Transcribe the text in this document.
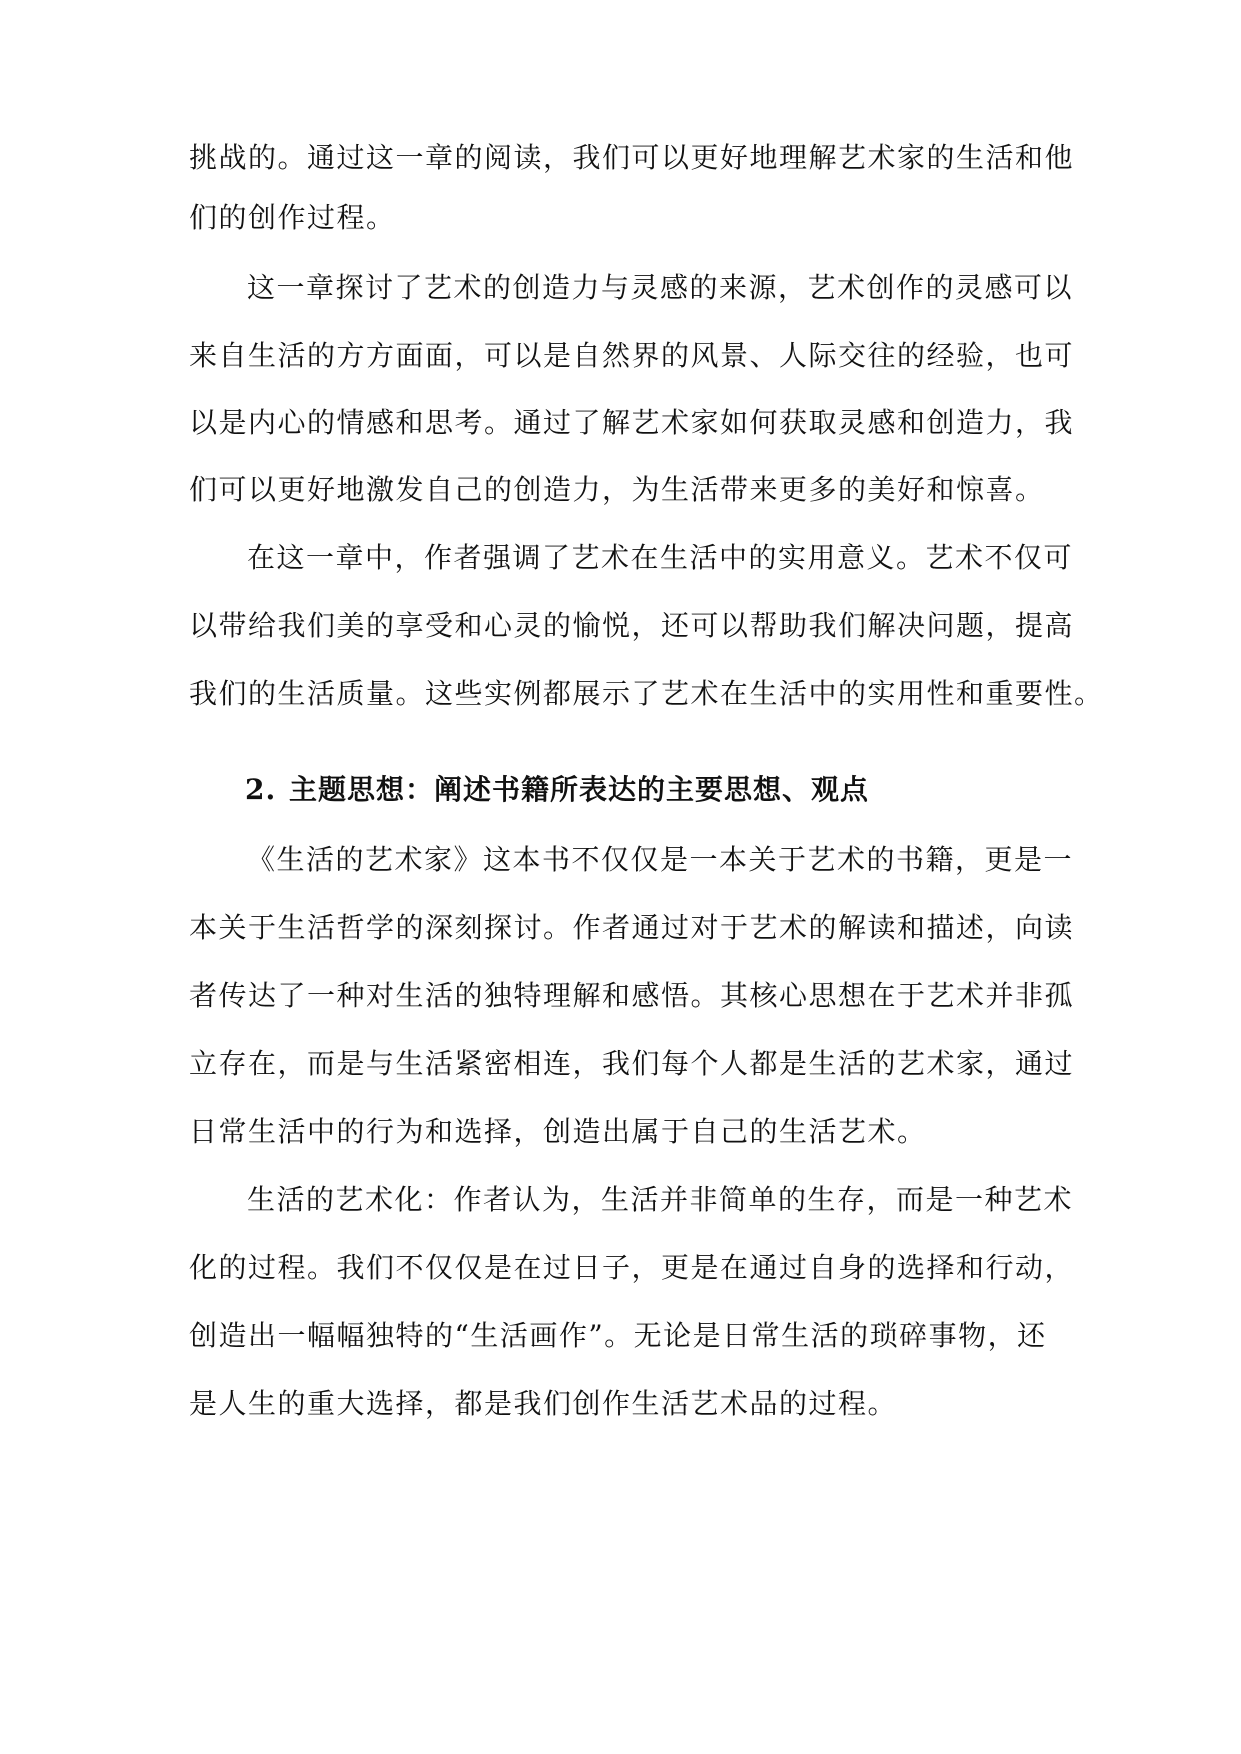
挑战的。通过这一章的阅读，我们可以更好地理解艺术家的生活和他
们的创作过程。
这一章探讨了艺术的创造力与灵感的来源，艺术创作的灵感可以
来自生活的方方面面，可以是自然界的风景、人际交往的经验，也可
以是内心的情感和思考。通过了解艺术家如何获取灵感和创造力，我
们可以更好地激发自己的创造力，为生活带来更多的美好和惊喜。
在这一章中，作者强调了艺术在生活中的实用意义。艺术不仅可
以带给我们美的享受和心灵的愉悦，还可以帮助我们解决问题，提高
我们的生活质量。这些实例都展示了艺术在生活中的实用性和重要性。
2. 主题思想：阐述书籍所表达的主要思想、观点
《生活的艺术家》这本书不仅仅是一本关于艺术的书籍，更是一
本关于生活哲学的深刻探讨。作者通过对于艺术的解读和描述，向读
者传达了一种对生活的独特理解和感悟。其核心思想在于艺术并非孤
立存在，而是与生活紧密相连，我们每个人都是生活的艺术家，通过
日常生活中的行为和选择，创造出属于自己的生活艺术。
生活的艺术化：作者认为，生活并非简单的生存，而是一种艺术
化的过程。我们不仅仅是在过日子，更是在通过自身的选择和行动，
创造出一幅幅独特的“生活画作”。无论是日常生活的琐碎事物，还
是人生的重大选择，都是我们创作生活艺术品的过程。
